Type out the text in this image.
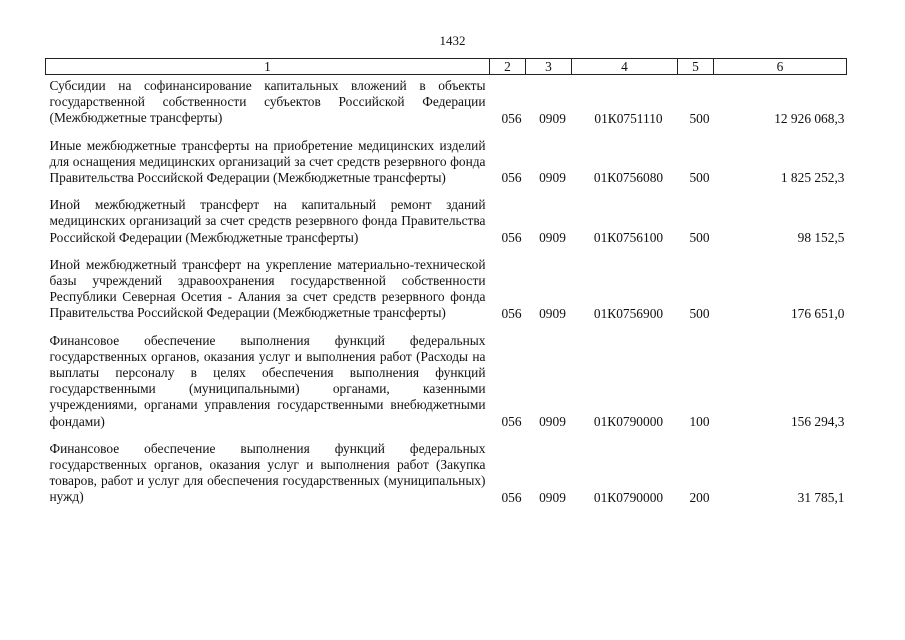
1432
1	2	3	4	5	6
Субсидии на софинансирование капитальных вложений в объекты государственной собственности субъектов Российской Федерации (Межбюджетные трансферты)	056	0909	01К0751110	500	12 926 068,3

Иные межбюджетные трансферты на приобретение медицинских изделий для оснащения медицинских организаций за счет средств резервного фонда Правительства Российской Федерации (Межбюджетные трансферты)	056	0909	01К0756080	500	1 825 252,3

Иной межбюджетный трансферт на капитальный ремонт зданий медицинских организаций за счет средств резервного фонда Правительства Российской Федерации (Межбюджетные трансферты)	056	0909	01К0756100	500	98 152,5

Иной межбюджетный трансферт на укрепление материально-технической базы учреждений здравоохранения государственной собственности Республики Северная Осетия - Алания за счет средств резервного фонда Правительства Российской Федерации (Межбюджетные трансферты)	056	0909	01К0756900	500	176 651,0

Финансовое обеспечение выполнения функций федеральных государственных органов, оказания услуг и выполнения работ (Расходы на выплаты персоналу в целях обеспечения выполнения функций государственными (муниципальными) органами, казенными учреждениями, органами управления государственными внебюджетными фондами)	056	0909	01К0790000	100	156 294,3

Финансовое обеспечение выполнения функций федеральных государственных органов, оказания услуг и выполнения работ (Закупка товаров, работ и услуг для обеспечения государственных (муниципальных) нужд)	056	0909	01К0790000	200	31 785,1
